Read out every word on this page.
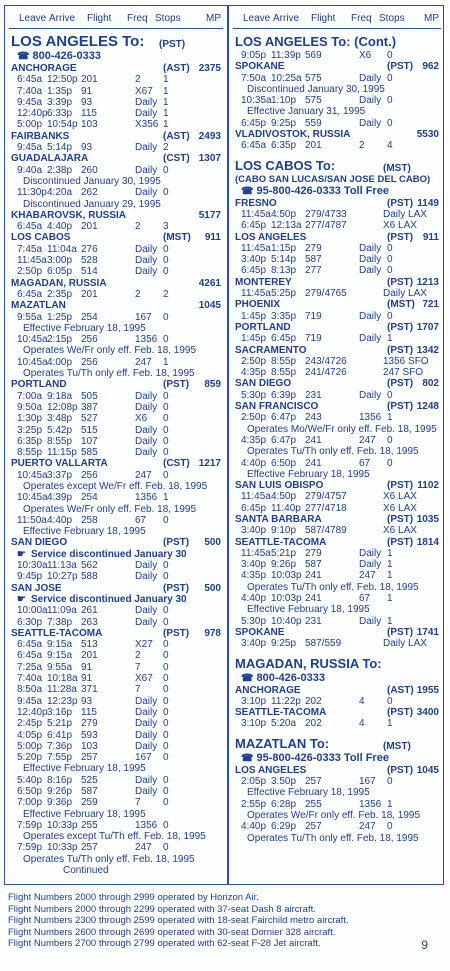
Leave Arrive Flight Freq Stops	MP
LOS ANGELES To: (PST)
☎ 800-426-0333
ANCHORAGE	(AST) 2375
6:45a 12:50p 201	2 1
7:40a 1:35p 91	X67 1
9:45a 3:39p 93	Daily 1
12:40p 6:33p 115	Daily 1
5:00p 10:54p 103	X356 1
FAIRBANKS	(AST) 2493
9:45a 5:14p 93	Daily 2
GUADALAJARA	(CST) 1307
9:40a 2:38p 260	Daily 0
Discontinued January 30, 1995
11:30p 4:20a 262	Daily 0
Discontinued January 29, 1995
KHABAROVSK, RUSSIA	5177
6:45a 4:40p 201	2 3
LOS CABOS	(MST) 911
7:45a 11:04a 276	Daily 0
11:45a 3:00p 528	Daily 0
2:50p 6:05p 514	Daily 0
MAGADAN, RUSSIA	4261
6:45a 2:35p 201	2 2
MAZATLAN	1045
9:55a 1:25p 254	167 0
Effective February 18, 1995
10:45a 2:15p 256	1356 0
Operates We/Fr only eff. Feb. 18, 1995
10:45a 4:00p 256	247 1
Operates Tu/Th only eff. Feb. 18, 1995
PORTLAND	(PST) 859
7:00a 9:18a 505	Daily 0
9:50a 12:08p 387	Daily 0
1:30p 3:48p 527	X6 0
3:25p 5:42p 515	Daily 0
6:35p 8:55p 107	Daily 0
8:55p 11:15p 585	Daily 0
PUERTO VALLARTA	(CST) 1217
10:45a 3:37p 256	247 0
Operates except We/Fr eff. Feb. 18, 1995
10:45a 4:39p 254	1356 1
Operates We/Fr only eff. Feb. 18, 1995
11:50a 4:40p 258	67 0
Effective February 18, 1995
SAN DIEGO	(PST) 500
☛ Service discontinued January 30
10:30a 11:13a 562	Daily 0
9:45p 10:27p 588	Daily 0
SAN JOSE	(PST) 500
☛ Service discontinued January 30
10:00a 11:09a 261	Daily 0
6:30p 7:38p 263	Daily 0
SEATTLE-TACOMA	(PST) 978
6:45a 9:15a 513	X27 0
6:45a 9:15a 201	2 0
7:25a 9:55a 91	7 0
7:40a 10:18a 91	X67 0
8:50a 11:28a 371	7 0
9:45a 12:23p 93	Daily 0
12:40p 3:16p 115	Daily 0
2:45p 5:21p 279	Daily 0
4:05p 6:41p 593	Daily 0
5:00p 7:36p 103	Daily 0
5:20p 7:55p 257	167 0
Effective February 18, 1995
5:40p 8:16p 525	Daily 0
6:50p 9:26p 587	Daily 0
7:00p 9:36p 259	7 0
Effective February 18, 1995
7:59p 10:33p 255	1356 0
Operates except Tu/Th eff. Feb. 18, 1995
7:59p 10:33p 257	247 0
Operates Tu/Th only eff. Feb. 18, 1995
Continued
Leave Arrive Flight Freq Stops MP
LOS ANGELES To: (Cont.)
9:05p 11:39p 569	X6 0
SPOKANE	(PST) 962
7:50a 10:25a 575	Daily 0
Discontinued January 30, 1995
10:35a 1:10p 575	Daily 0
Effective January 31, 1995
6:45p 9:25p 559	Daily 0
VLADIVOSTOK, RUSSIA	5530
6:45a 6:35p 201	2 4
LOS CABOS To:	(MST)
(CABO SAN LUCAS/SAN JOSE DEL CABO)
☎ 95-800-426-0333 Toll Free
FRESNO	(PST) 1149
11:45a 4:50p 279/4733	Daily LAX
6:45p 12:13a 277/4787	X6 LAX
LOS ANGELES	(PST) 911
11:45a 1:15p 279	Daily 0
3:40p 5:14p 587	Daily 0
6:45p 8:13p 277	Daily 0
MONTEREY	(PST) 1213
11:45a 5:25p 279/4765	Daily LAX
PHOENIX	(MST) 721
1:45p 3:35p 719	Daily 0
PORTLAND	(PST) 1707
1:45p 6:45p 719	Daily 1
SACRAMENTO	(PST) 1342
2:50p 8:55p 243/4726	1356 SFO
4:35p 8:55p 241/4726	247 SFO
SAN DIEGO	(PST) 802
5:30p 6:39p 231	Daily 0
SAN FRANCISCO	(PST) 1248
2:50p 6:47p 243	1356 1
Operates Mo/We/Fr only eff. Feb. 18, 1995
4:35p 6:47p 241	247 0
Operates Tu/Th only eff. Feb. 18, 1995
4:40p 6:50p 241	67 0
Effective February 18, 1995
SAN LUIS OBISPO	(PST) 1102
11:45a 4:50p 279/4757	X6 LAX
6:45p 11:40p 277/4718	X6 LAX
SANTA BARBARA	(PST) 1035
3:40p 9:10p 587/4789	X6 LAX
SEATTLE-TACOMA	(PST) 1814
11:45a 5:21p 279	Daily 1
3:40p 9:26p 587	Daily 1
4:35p 10:03p 241	247 1
Operates Tu/Th only eff. Feb. 18, 1995
4:40p 10:03p 241	67 1
Effective February 18, 1995
5:30p 10:40p 231	Daily 1
SPOKANE	(PST) 1741
3:40p 9:25p 587/559	Daily LAX
MAGADAN, RUSSIA To:
☎ 800-426-0333
ANCHORAGE	(AST) 1955
3:10p 11:22p 202	4 0
SEATTLE-TACOMA	(PST) 3400
3:10p 5:20a 202	4 1
MAZATLAN To:	(MST)
☎ 95-800-426-0333 Toll Free
LOS ANGELES	(PST) 1045
2:05p 3:50p 257	167 0
Effective February 18, 1995
2:55p 6:28p 255	1356 1
Operates We/Fr only eff. Feb. 18, 1995
4:40p 6:29p 257	247 0
Operates Tu/Th only eff. Feb. 18, 1995
Flight Numbers 2000 through 2999 operated by Horizon Air.
Flight Numbers 2000 through 2299 operated with 37-seat Dash 8 aircraft.
Flight Numbers 2300 through 2599 operated with 18-seat Fairchild metro aircraft.
Flight Numbers 2600 through 2699 operated with 30-seat Dornier 328 aircraft.
Flight Numbers 2700 through 2799 operated with 62-seat F-28 Jet aircraft.	9
